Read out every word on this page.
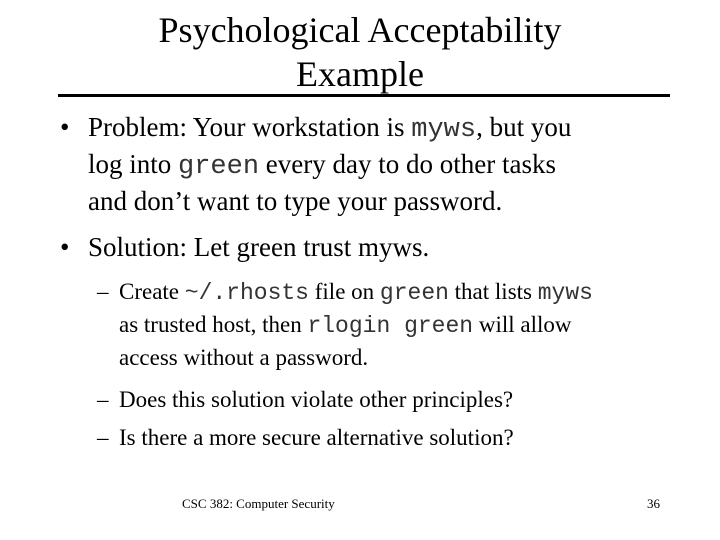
Psychological Acceptability
Example
• Problem: Your workstation is myws, but you
log into green every day to do other tasks
and don’t want to type your password.
• Solution: Let green trust myws.
– Create ~/.rhosts file on green that lists myws
as trusted host, then rlogin green will allow
access without a password.
– Does this solution violate other principles?
– Is there a more secure alternative solution?
CSC 382: Computer Security	36
